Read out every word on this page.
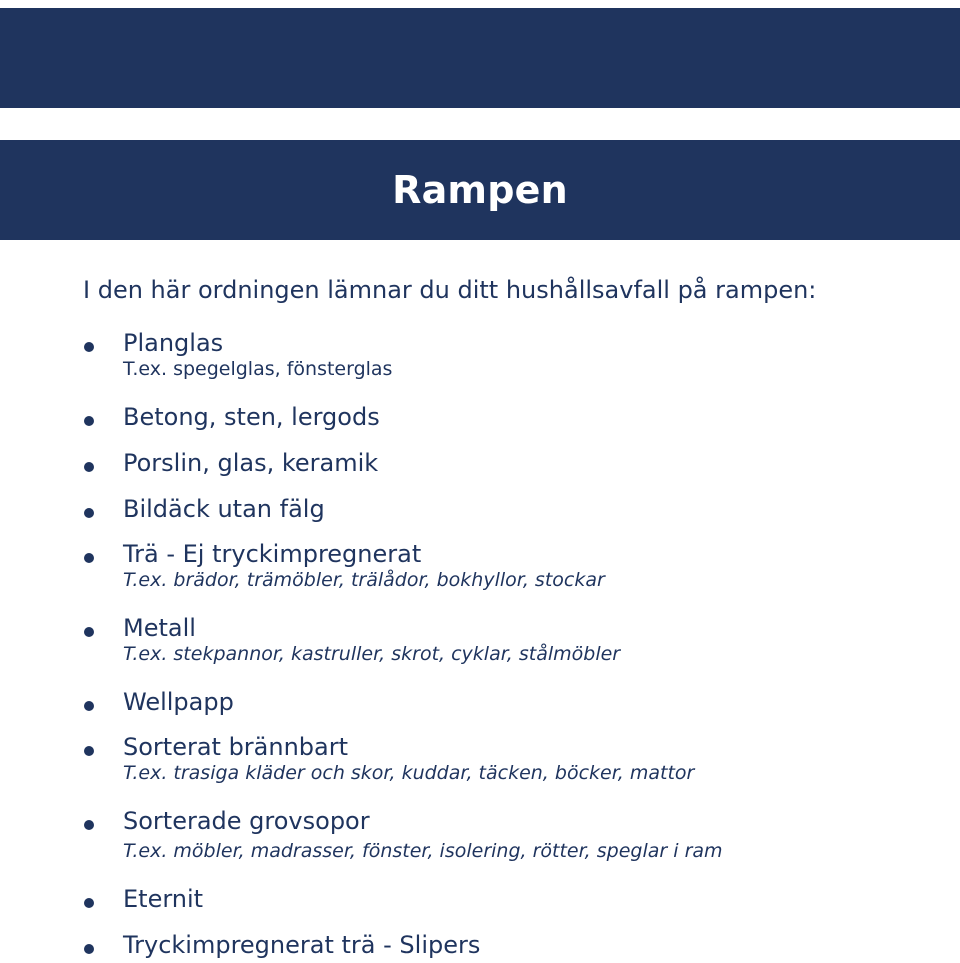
Rampen

I den här ordningen lämnar du ditt hushållsavfall på rampen:

Planglas
T.ex. spegelglas, fönsterglas
Betong, sten, lergods
Porslin, glas, keramik
Bildäck utan fälg
Trä - Ej tryckimpregnerat
T.ex. brädor, trämöbler, trälådor, bokhyllor, stockar
Metall
T.ex. stekpannor, kastruller, skrot, cyklar, stålmöbler
Wellpapp
Sorterat brännbart
T.ex. trasiga kläder och skor, kuddar, täcken, böcker, mattor
Sorterade grovsopor
T.ex. möbler, madrasser, fönster, isolering, rötter, speglar i ram
Eternit
Tryckimpregnerat trä - Slipers
